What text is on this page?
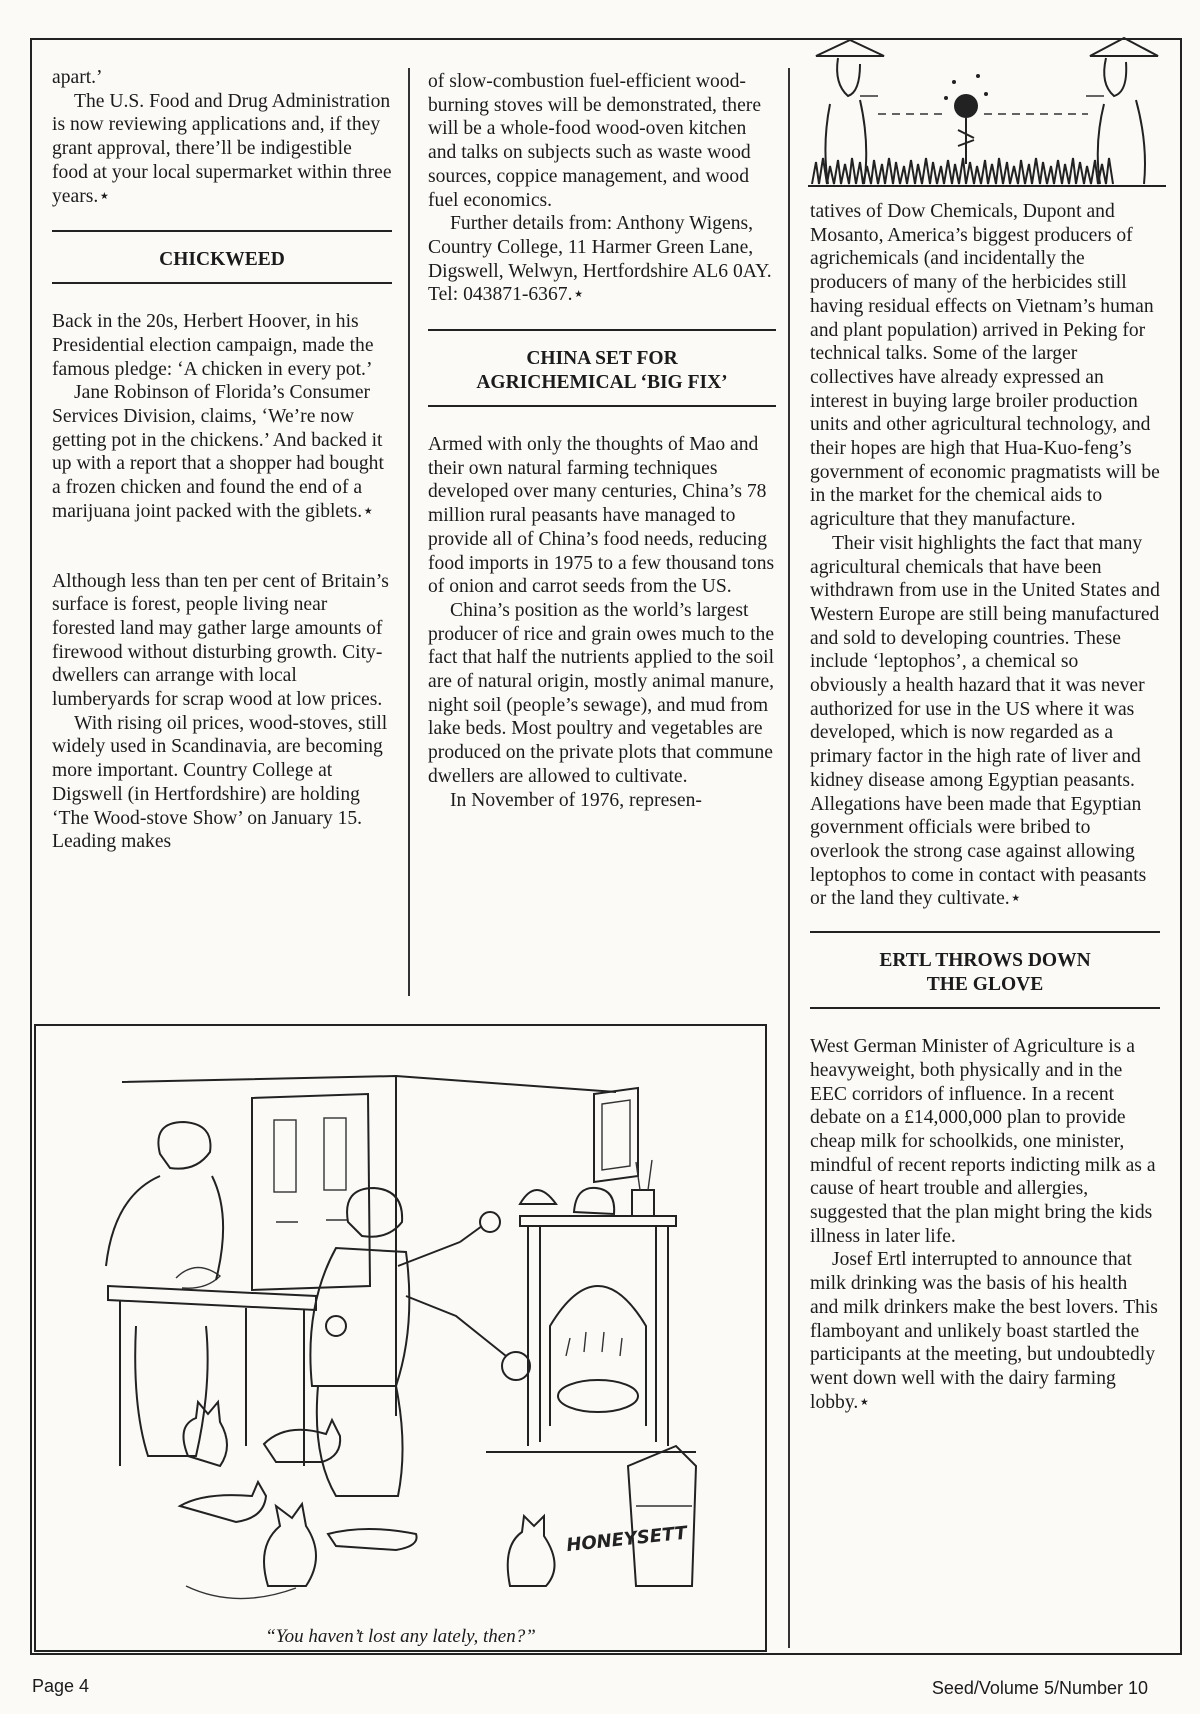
apart.’

The U.S. Food and Drug Administration is now reviewing applications and, if they grant approval, there’ll be indigestible food at your local supermarket within three years.⋆

CHICKWEED

Back in the 20s, Herbert Hoover, in his Presidential election campaign, made the famous pledge: ‘A chicken in every pot.’

Jane Robinson of Florida’s Consumer Services Division, claims, ‘We’re now getting pot in the chickens.’ And backed it up with a report that a shopper had bought a frozen chicken and found the end of a marijuana joint packed with the giblets.⋆

Although less than ten per cent of Britain’s surface is forest, people living near forested land may gather large amounts of firewood without disturbing growth. City-dwellers can arrange with local lumberyards for scrap wood at low prices.

With rising oil prices, wood-stoves, still widely used in Scandinavia, are becoming more important. Country College at Digswell (in Hertfordshire) are holding ‘The Wood-stove Show’ on January 15. Leading makes

of slow-combustion fuel-efficient wood-burning stoves will be demonstrated, there will be a whole-food wood-oven kitchen and talks on subjects such as waste wood sources, coppice management, and wood fuel economics.

Further details from: Anthony Wigens, Country College, 11 Harmer Green Lane, Digswell, Welwyn, Hertfordshire AL6 0AY. Tel: 043871-6367.⋆

CHINA SET FOR
AGRICHEMICAL ‘BIG FIX’

Armed with only the thoughts of Mao and their own natural farming techniques developed over many centuries, China’s 78 million rural peasants have managed to provide all of China’s food needs, reducing food imports in 1975 to a few thousand tons of onion and carrot seeds from the US.

China’s position as the world’s largest producer of rice and grain owes much to the fact that half the nutrients applied to the soil are of natural origin, mostly animal manure, night soil (people’s sewage), and mud from lake beds. Most poultry and vegetables are produced on the private plots that commune dwellers are allowed to cultivate.

In November of 1976, represen-

tatives of Dow Chemicals, Dupont and Mosanto, America’s biggest producers of agrichemicals (and incidentally the producers of many of the herbicides still having residual effects on Vietnam’s human and plant population) arrived in Peking for technical talks. Some of the larger collectives have already expressed an interest in buying large broiler production units and other agricultural technology, and their hopes are high that Hua-Kuo-feng’s government of economic pragmatists will be in the market for the chemical aids to agriculture that they manufacture.

Their visit highlights the fact that many agricultural chemicals that have been withdrawn from use in the United States and Western Europe are still being manufactured and sold to developing countries. These include ‘leptophos’, a chemical so obviously a health hazard that it was never authorized for use in the US where it was developed, which is now regarded as a primary factor in the high rate of liver and kidney disease among Egyptian peasants. Allegations have been made that Egyptian government officials were bribed to overlook the strong case against allowing leptophos to come in contact with peasants or the land they cultivate.⋆

ERTL THROWS DOWN
THE GLOVE

West German Minister of Agriculture is a heavyweight, both physically and in the EEC corridors of influence. In a recent debate on a £14,000,000 plan to provide cheap milk for schoolkids, one minister, mindful of recent reports indicting milk as a cause of heart trouble and allergies, suggested that the plan might bring the kids illness in later life.

Josef Ertl interrupted to announce that milk drinking was the basis of his health and milk drinkers make the best lovers. This flamboyant and unlikely boast startled the participants at the meeting, but undoubtedly went down well with the dairy farming lobby.⋆

HONEYSETT
“You haven’t lost any lately, then?”
Page 4	Seed/Volume 5/Number 10
